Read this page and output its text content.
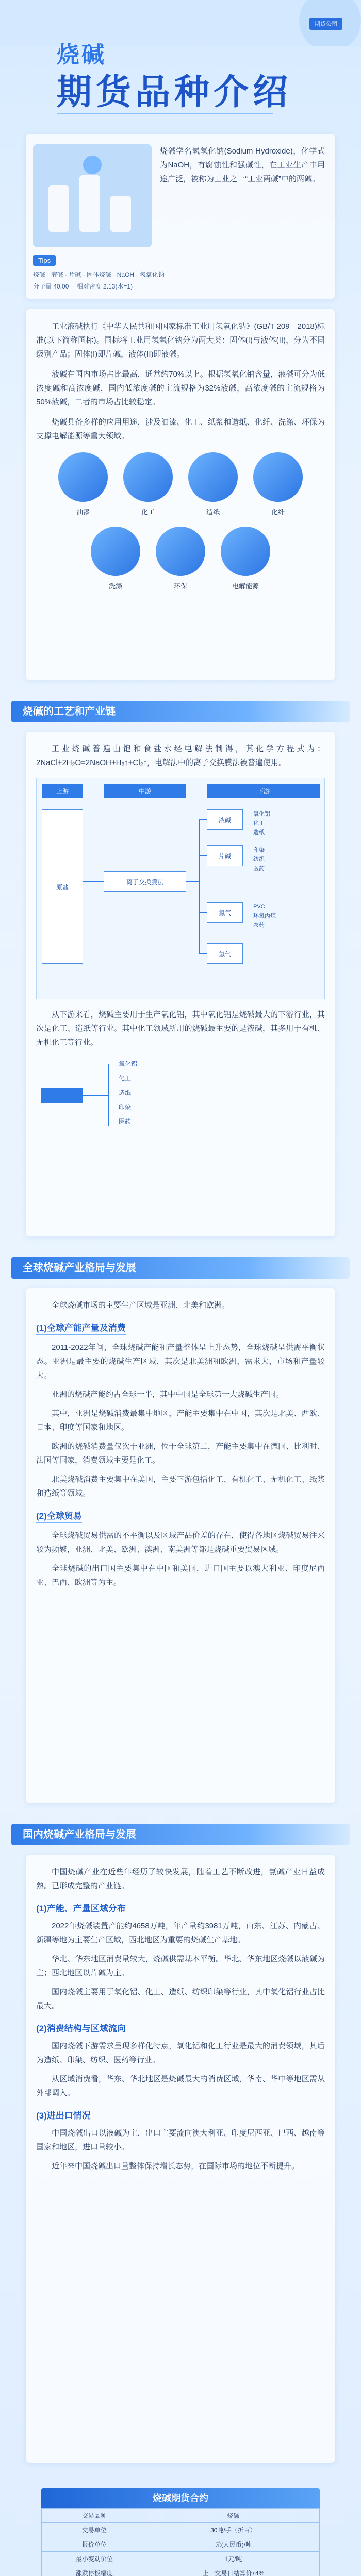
期货公司
烧碱
期货品种介绍
烧碱学名氢氧化钠(Sodium Hydroxide)，化学式为NaOH，有腐蚀性和强碱性，在工业生产中用途广泛，被称为工业之一“工业两碱”中的两碱。
Tips
烧碱 · 液碱 · 片碱 · 固体烧碱 · NaOH · 氢氧化钠
分子量 40.00　 相对密度 2.13(水=1)
工业液碱执行《中华人民共和国国家标准工业用氢氧化钠》(GB/T 209－2018)标准(以下简称国标)。国标将工业用氢氧化钠分为两大类：固体(I)与液体(II)，分为不同级别产品；固体(I)即片碱，液体(II)即液碱。
液碱在国内市场占比最高，通常约70%以上。根据氢氧化钠含量，液碱可分为低浓度碱和高浓度碱，国内低浓度碱的主流规格为32%液碱，高浓度碱的主流规格为50%液碱，二者的市场占比较稳定。
烧碱具备多样的应用用途，涉及油漆、化工、纸浆和造纸、化纤、洗涤、环保为支撑电解能源等重大领域。
油漆	化工	造纸	化纤
洗涤	环保	电解能源
烧碱的工艺和产业链
工业烧碱普遍由饱和食盐水经电解法制得，其化学方程式为：2NaCl+2H₂O=2NaOH+H₂↑+Cl₂↑，电解法中的离子交换膜法被普遍使用。
上游	中游	下游
原盐
离子交换膜法
液碱
片碱
氯气
氢气
氧化铝
化工
造纸
印染
纺织
医药
PVC
环氧丙烷
农药
从下游来看，烧碱主要用于生产氧化铝，其中氧化铝是烧碱最大的下游行业，其次是化工、造纸等行业。其中化工领域所用的烧碱最主要的是液碱，其多用于有机、无机化工等行业。
氧化铝
化工
造纸
印染
医药
全球烧碱产业格局与发展
全球烧碱市场的主要生产区域是亚洲、北美和欧洲。
(1)全球产能产量及消费
2011-2022年间，全球烧碱产能和产量整体呈上升态势，全球烧碱呈供需平衡状态。亚洲是最主要的烧碱生产区域，其次是北美洲和欧洲，需求大，市场和产量较大。
亚洲的烧碱产能约占全球一半，其中中国是全球第一大烧碱生产国。
其中，亚洲是烧碱消费最集中地区，产能主要集中在中国，其次是北美、西欧、日本、印度等国家和地区。
欧洲的烧碱消费量仅次于亚洲，位于全球第二，产能主要集中在德国、比利时、法国等国家，消费领域主要是化工。
北美烧碱消费主要集中在美国，主要下游包括化工、有机化工、无机化工、纸浆和造纸等领域。
(2)全球贸易
全球烧碱贸易供需的不平衡以及区域产品价差的存在，使得各地区烧碱贸易往来较为频繁，亚洲、北美、欧洲、澳洲、南美洲等都是烧碱重要贸易区域。
全球烧碱的出口国主要集中在中国和美国，进口国主要以澳大利亚、印度尼西亚、巴西、欧洲等为主。
国内烧碱产业格局与发展
中国烧碱产业在近些年经历了较快发展，随着工艺不断改进，氯碱产业日益成熟。已形成完整的产业链。
(1)产能、产量区域分布
2022年烧碱装置产能约4658万吨，年产量约3981万吨，山东、江苏、内蒙古、新疆等地为主要生产区域，西北地区为重要的烧碱生产基地。
华北、华东地区消费量较大，烧碱供需基本平衡。华北、华东地区烧碱以液碱为主；西北地区以片碱为主。
国内烧碱主要用于氧化铝、化工、造纸、纺织印染等行业，其中氧化铝行业占比最大。
(2)消费结构与区域流向
国内烧碱下游需求呈现多样化特点，氧化铝和化工行业是最大的消费领域，其后为造纸、印染、纺织、医药等行业。
从区域消费看，华东、华北地区是烧碱最大的消费区域，华南、华中等地区需从外部调入。
(3)进出口情况
中国烧碱出口以液碱为主，出口主要流向澳大利亚、印度尼西亚、巴西、越南等国家和地区，进口量较小。
近年来中国烧碱出口量整体保持增长态势，在国际市场的地位不断提升。
烧碱期货合约
交易品种	烧碱
交易单位	30吨/手（折百）
报价单位	元(人民币)/吨
最小变动价位	1元/吨
涨跌停板幅度	上一交易日结算价±4%
